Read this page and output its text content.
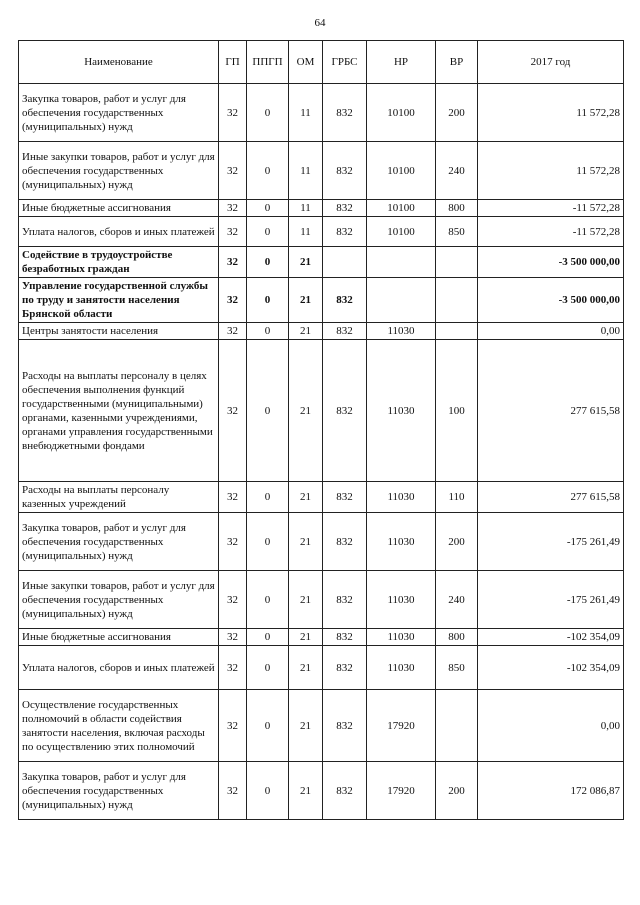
64
Наименование	ГП	ППГП	ОМ	ГРБС	НР	ВР	2017 год
Закупка товаров, работ и услуг для обеспечения государственных (муниципальных) нужд	32	0	11	832	10100	200	11 572,28
Иные закупки товаров, работ и услуг для обеспечения государственных (муниципальных) нужд	32	0	11	832	10100	240	11 572,28
Иные бюджетные ассигнования	32	0	11	832	10100	800	-11 572,28
Уплата налогов, сборов и иных платежей	32	0	11	832	10100	850	-11 572,28
Содействие в трудоустройстве безработных граждан	32	0	21				-3 500 000,00
Управление государственной службы по труду и занятости населения Брянской области	32	0	21	832			-3 500 000,00
Центры занятости населения	32	0	21	832	11030		0,00
Расходы на выплаты персоналу в целях обеспечения выполнения функций государственными (муниципальными) органами, казенными учреждениями, органами управления государственными внебюджетными фондами	32	0	21	832	11030	100	277 615,58
Расходы на выплаты персоналу казенных учреждений	32	0	21	832	11030	110	277 615,58
Закупка товаров, работ и услуг для обеспечения государственных (муниципальных) нужд	32	0	21	832	11030	200	-175 261,49
Иные закупки товаров, работ и услуг для обеспечения государственных (муниципальных) нужд	32	0	21	832	11030	240	-175 261,49
Иные бюджетные ассигнования	32	0	21	832	11030	800	-102 354,09
Уплата налогов, сборов и иных платежей	32	0	21	832	11030	850	-102 354,09
Осуществление государственных полномочий в области содействия занятости населения, включая расходы по осуществлению этих полномочий	32	0	21	832	17920		0,00
Закупка товаров, работ и услуг для обеспечения государственных (муниципальных) нужд	32	0	21	832	17920	200	172 086,87
